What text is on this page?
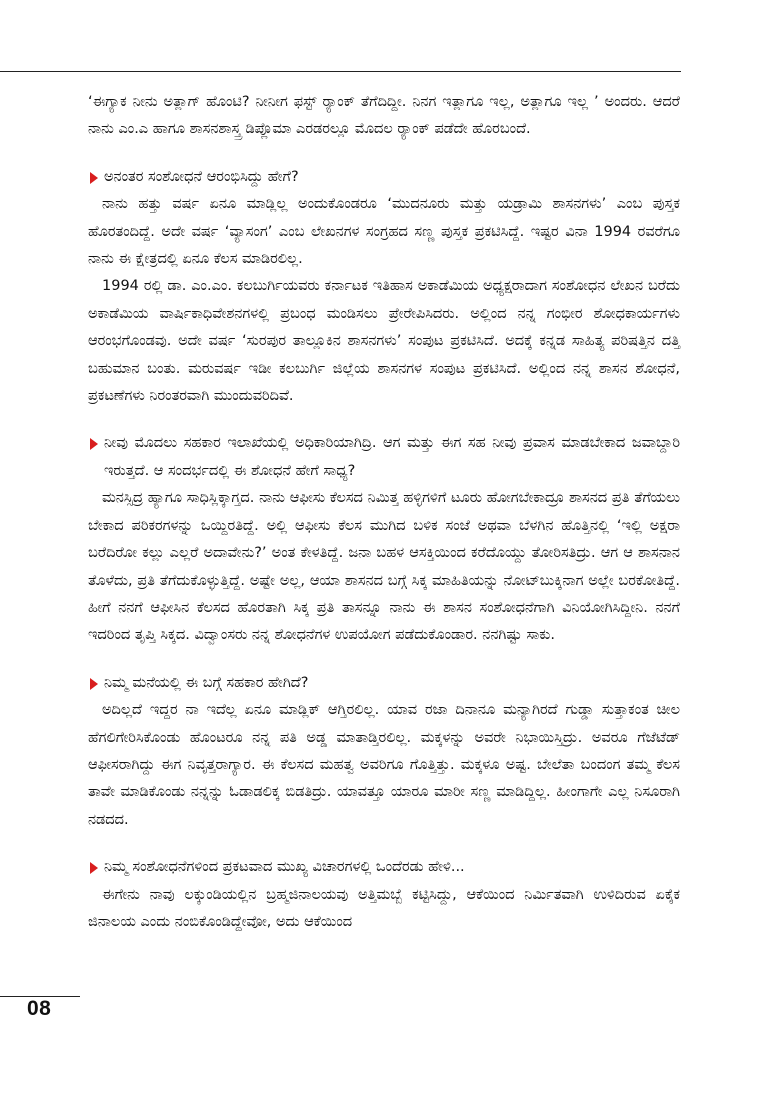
‘ಈಗ್ಯಾಕ ನೀನು ಅತ್ಲಾಗ್ ಹೊಂಟಿ? ನೀನೀಗ ಫಸ್ಟ್ ರ‍್ಯಾಂಕ್ ತೆಗೆದಿದ್ದೀ. ನಿನಗ ಇತ್ಲಾಗೂ ಇಲ್ಲ, ಅತ್ಲಾಗೂ ಇಲ್ಲ ’ ಅಂದರು. ಆದರೆ ನಾನು ಎಂ.ಎ ಹಾಗೂ ಶಾಸನಶಾಸ್ತ್ರ ಡಿಪ್ಲೊಮಾ ಎರಡರಲ್ಲೂ ಮೊದಲ ರ‍್ಯಾಂಕ್ ಪಡೆದೇ ಹೊರಬಂದೆ.

ಅನಂತರ ಸಂಶೋಧನೆ ಆರಂಭಿಸಿದ್ದು ಹೇಗೆ?

ನಾನು ಹತ್ತು ವರ್ಷ ಏನೂ ಮಾಡ್ಲಿಲ್ಲ ಅಂದುಕೊಂಡರೂ ‘ಮುದನೂರು ಮತ್ತು ಯಡ್ರಾಮಿ ಶಾಸನಗಳು’ ಎಂಬ ಪುಸ್ತಕ ಹೊರತಂದಿದ್ದೆ. ಅದೇ ವರ್ಷ ‘ವ್ಯಾಸಂಗ’ ಎಂಬ ಲೇಖನಗಳ ಸಂಗ್ರಹದ ಸಣ್ಣ ಪುಸ್ತಕ ಪ್ರಕಟಿಸಿದ್ದೆ. ಇಷ್ಟರ ವಿನಾ 1994 ರವರೆಗೂ ನಾನು ಈ ಕ್ಷೇತ್ರದಲ್ಲಿ ಏನೂ ಕೆಲಸ ಮಾಡಿರಲಿಲ್ಲ.

1994 ರಲ್ಲಿ ಡಾ. ಎಂ.ಎಂ. ಕಲಬುರ್ಗಿಯವರು ಕರ್ನಾಟಕ ಇತಿಹಾಸ ಅಕಾಡೆಮಿಯ ಅಧ್ಯಕ್ಷರಾದಾಗ ಸಂಶೋಧನ ಲೇಖನ ಬರೆದು ಅಕಾಡೆಮಿಯ ವಾರ್ಷಿಕಾಧಿವೇಶನಗಳಲ್ಲಿ ಪ್ರಬಂಧ ಮಂಡಿಸಲು ಪ್ರೇರೇಪಿಸಿದರು. ಅಲ್ಲಿಂದ ನನ್ನ ಗಂಭೀರ ಶೋಧಕಾರ್ಯಗಳು ಆರಂಭಗೊಂಡವು. ಅದೇ ವರ್ಷ ‘ಸುರಪುರ ತಾಲ್ಲೂಕಿನ ಶಾಸನಗಳು’ ಸಂಪುಟ ಪ್ರಕಟಿಸಿದೆ. ಅದಕ್ಕೆ ಕನ್ನಡ ಸಾಹಿತ್ಯ ಪರಿಷತ್ತಿನ ದತ್ತಿ ಬಹುಮಾನ ಬಂತು. ಮರುವರ್ಷ ಇಡೀ ಕಲಬುರ್ಗಿ ಜಿಲ್ಲೆಯ ಶಾಸನಗಳ ಸಂಪುಟ ಪ್ರಕಟಿಸಿದೆ. ಅಲ್ಲಿಂದ ನನ್ನ ಶಾಸನ ಶೋಧನೆ, ಪ್ರಕಟಣೆಗಳು ನಿರಂತರವಾಗಿ ಮುಂದುವರಿದಿವೆ.

ನೀವು ಮೊದಲು ಸಹಕಾರ ಇಲಾಖೆಯಲ್ಲಿ ಅಧಿಕಾರಿಯಾಗಿದ್ರಿ. ಆಗ ಮತ್ತು ಈಗ ಸಹ ನೀವು ಪ್ರವಾಸ ಮಾಡಬೇಕಾದ ಜವಾಬ್ದಾರಿ ಇರುತ್ತದೆ. ಆ ಸಂದರ್ಭದಲ್ಲಿ ಈ ಶೋಧನೆ ಹೇಗೆ ಸಾಧ್ಯ?

ಮನಸ್ಸಿದ್ರ ಹ್ಯಾಗೂ ಸಾಧಿಸ್ಲಿಕ್ಕಾಗ್ತದ. ನಾನು ಆಫೀಸು ಕೆಲಸದ ನಿಮಿತ್ತ ಹಳ್ಳಿಗಳಿಗೆ ಟೂರು ಹೋಗಬೇಕಾದ್ರೂ ಶಾಸನದ ಪ್ರತಿ ತೆಗೆಯಲು ಬೇಕಾದ ಪರಿಕರಗಳನ್ನು ಒಯ್ದಿರತಿದ್ದೆ. ಅಲ್ಲಿ ಆಫೀಸು ಕೆಲಸ ಮುಗಿದ ಬಳಿಕ ಸಂಜೆ ಅಥವಾ ಬೆಳಗಿನ ಹೊತ್ತಿನಲ್ಲಿ ‘ಇಲ್ಲಿ ಅಕ್ಷರಾ ಬರೆದಿರೋ ಕಲ್ಲು ಎಲ್ಲರೆ ಅದಾವೇನು?’ ಅಂತ ಕೇಳತಿದ್ದೆ. ಜನಾ ಬಹಳ ಆಸಕ್ತಿಯಿಂದ ಕರೆದೊಯ್ದು ತೋರಿಸತಿದ್ರು. ಆಗ ಆ ಶಾಸನಾನ ತೊಳೆದು, ಪ್ರತಿ ತೆಗೆದುಕೊಳ್ಳುತ್ತಿದ್ದೆ. ಅಷ್ಟೇ ಅಲ್ಲ, ಆಯಾ ಶಾಸನದ ಬಗ್ಗೆ ಸಿಕ್ಕ ಮಾಹಿತಿಯನ್ನು ನೋಟ್‌ಬುಕ್ಕಿನಾಗ ಅಲ್ಲೇ ಬರಕೋತಿದ್ದೆ. ಹೀಗೆ ನನಗೆ ಆಫೀಸಿನ ಕೆಲಸದ ಹೊರತಾಗಿ ಸಿಕ್ಕ ಪ್ರತಿ ತಾಸನ್ನೂ ನಾನು ಈ ಶಾಸನ ಸಂಶೋಧನೆಗಾಗಿ ವಿನಿಯೋಗಿಸಿದ್ದೀನಿ. ನನಗೆ ಇದರಿಂದ ತೃಪ್ತಿ ಸಿಕ್ಕದ. ವಿದ್ವಾಂಸರು ನನ್ನ ಶೋಧನೆಗಳ ಉಪಯೋಗ ಪಡೆದುಕೊಂಡಾರ. ನನಗಿಷ್ಟು ಸಾಕು.

ನಿಮ್ಮ ಮನೆಯಲ್ಲಿ ಈ ಬಗ್ಗೆ ಸಹಕಾರ ಹೇಗಿದೆ?

ಅದಿಲ್ಲದೆ ಇದ್ದರ ನಾ ಇದೆಲ್ಲ ಏನೂ ಮಾಡ್ಲಿಕ್ ಆಗ್ತಿರಲಿಲ್ಲ. ಯಾವ ರಜಾ ದಿನಾನೂ ಮನ್ಯಾಗಿರದೆ ಗುಡ್ಡಾ ಸುತ್ತಾಕಂತ ಚೀಲ ಹೆಗಲಿಗೇರಿಸಿಕೊಂಡು ಹೊಂಟರೂ ನನ್ನ ಪತಿ ಅಡ್ಡ ಮಾತಾಡ್ತಿರಲಿಲ್ಲ. ಮಕ್ಕಳನ್ನು ಅವರೇ ನಿಭಾಯಿಸ್ತಿದ್ರು. ಅವರೂ ಗೆಜೆಟೆಡ್ ಆಫೀಸರಾಗಿದ್ದು ಈಗ ನಿವೃತ್ತರಾಗ್ಯಾರ. ಈ ಕೆಲಸದ ಮಹತ್ವ ಅವರಿಗೂ ಗೊತ್ತಿತ್ತು. ಮಕ್ಕಳೂ ಅಷ್ಟ. ಬೇಲೆತಾ ಬಂದಂಗ ತಮ್ಮ ಕೆಲಸ ತಾವೇ ಮಾಡಿಕೊಂಡು ನನ್ನನ್ನು ಓಡಾಡಲಿಕ್ಕ ಬಿಡತಿದ್ರು. ಯಾವತ್ತೂ ಯಾರೂ ಮಾರೀ ಸಣ್ಣ ಮಾಡಿದ್ದಿಲ್ಲ. ಹೀಂಗಾಗೇ ಎಲ್ಲ ನಿಸೂರಾಗಿ ನಡದದ.

ನಿಮ್ಮ ಸಂಶೋಧನೆಗಳಿಂದ ಪ್ರಕಟವಾದ ಮುಖ್ಯ ವಿಚಾರಗಳಲ್ಲಿ ಒಂದೆರಡು ಹೇಳಿ...

ಈಗೇನು ನಾವು ಲಕ್ಕುಂಡಿಯಲ್ಲಿನ ಬ್ರಹ್ಮಜಿನಾಲಯವು ಅತ್ತಿಮಬ್ಬೆ ಕಟ್ಟಿಸಿದ್ದು, ಆಕೆಯಿಂದ ನಿರ್ಮಿತವಾಗಿ ಉಳಿದಿರುವ ಏಕೈಕ ಜಿನಾಲಯ ಎಂದು ನಂಬಿಕೊಂಡಿದ್ದೇವೋ, ಅದು ಆಕೆಯಿಂದ

08
